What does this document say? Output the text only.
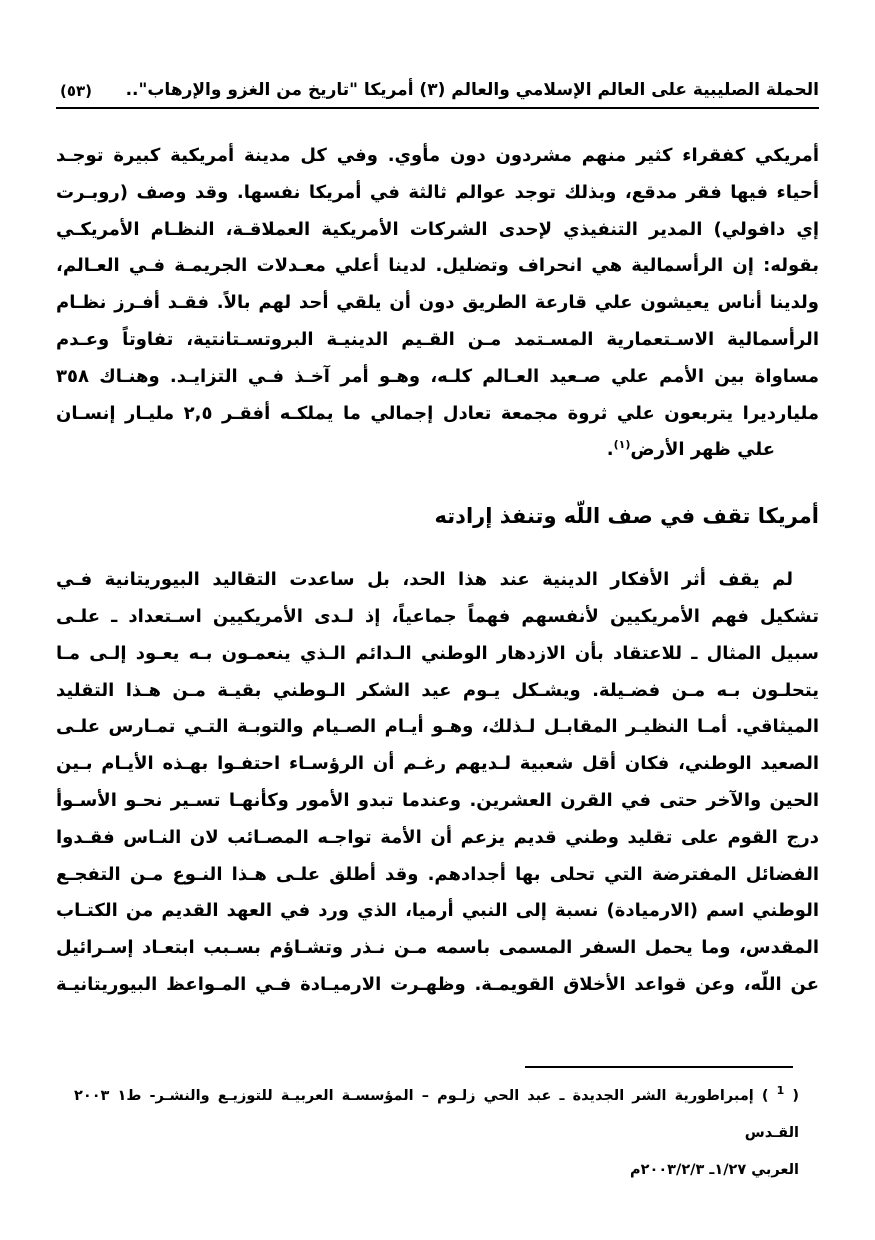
الحملة الصليبية على العالم الإسلامي والعالم (٣) أمريكا "تاريخ من الغزو والإرهاب"..
(٥٣)
أمريكي كفقراء كثير منهم مشردون دون مأوي. وفي كل مدينة أمريكية كبيرة توجـد
أحياء فيها فقر مدقع، وبذلك توجد عوالم ثالثة في أمريكا نفسها. وقد وصف (روبـرت
إي دافولي) المدير التنفيذي لإحدى الشركات الأمريكية العملاقـة، النظـام الأمريكـي
بقوله: إن الرأسمالية هي انحراف وتضليل. لدينا أعلي معـدلات الجريمـة فـي العـالم،
ولدينا أناس يعيشون علي قارعة الطريق دون أن يلقي أحد لهم بالاً. فقـد أفـرز نظـام
الرأسمالية الاسـتعمارية المسـتمد مـن القـيم الدينيـة البروتسـتانتية، تفاوتاً وعـدم
مساواة بين الأمم علي صـعيد العـالم كلـه، وهـو أمر آخـذ فـي التزايـد. وهنـاك ٣٥٨
مليارديرا يتربعون علي ثروة مجمعة تعادل إجمالي ما يملكـه أفقـر ٢,٥ مليـار إنسـان
علي ظهر الأرض$^{(١)}$.
أمريكا تقف في صف اللّه وتنفذ إرادته
لم يقف أثر الأفكار الدينية عند هذا الحد، بل ساعدت التقاليد البيوريتانية فـي
تشكيل فهم الأمريكيين لأنفسهم فهماً جماعياً، إذ لـدى الأمريكيين اسـتعداد ـ علـى
سبيل المثال ـ للاعتقاد بأن الازدهار الوطني الـدائم الـذي ينعمـون بـه يعـود إلـى مـا
يتحلـون بـه مـن فضـيلة. ويشـكل يـوم عيد الشكر الـوطني بقيـة مـن هـذا التقليد
الميثاقي. أمـا النظيـر المقابـل لـذلك، وهـو أيـام الصـيام والتوبـة التـي تمـارس علـى
الصعيد الوطني، فكان أقل شعبية لـديهم رغـم أن الرؤسـاء احتفـوا بهـذه الأيـام بـين
الحين والآخر حتى في القرن العشرين. وعندما تبدو الأمور وكأنهـا تسـير نحـو الأسـوأ
درج القوم على تقليد وطني قديم يزعم أن الأمة تواجـه المصـائب لان النـاس فقـدوا
الفضائل المفترضة التي تحلى بها أجدادهم. وقد أطلق علـى هـذا النـوع مـن التفجـع
الوطني اسم (الارميادة) نسبة إلى النبي أرميا، الذي ورد في العهد القديم من الكتـاب
المقدس، وما يحمل السفر المسمى باسمه مـن نـذر وتشـاؤم بسـبب ابتعـاد إسـرائيل
عن اللّه، وعن قواعد الأخلاق القويمـة. وظهـرت الارميـادة فـي المـواعظ البيوريتانيـة
( $^1$ ) إمبراطورية الشر الجديدة ـ عبد الحي زلـوم – المؤسسـة العربيـة للتوزيـع والنشـر- ط١ ٢٠٠٣ القـدس
العربي ١/٢٧ـ ٢٠٠٣/٢/٣م
